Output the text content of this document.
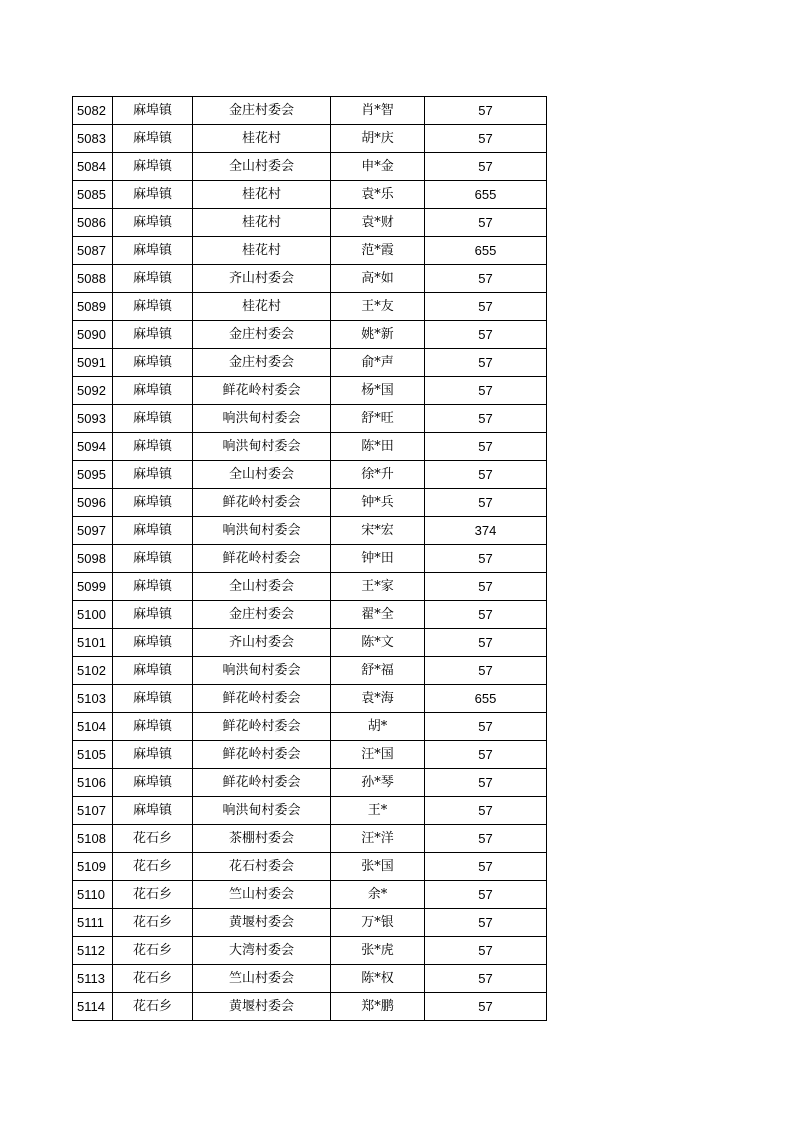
5082	麻埠镇	金庄村委会	肖*智	57
5083	麻埠镇	桂花村	胡*庆	57
5084	麻埠镇	全山村委会	申*金	57
5085	麻埠镇	桂花村	袁*乐	655
5086	麻埠镇	桂花村	袁*财	57
5087	麻埠镇	桂花村	范*霞	655
5088	麻埠镇	齐山村委会	高*如	57
5089	麻埠镇	桂花村	王*友	57
5090	麻埠镇	金庄村委会	姚*新	57
5091	麻埠镇	金庄村委会	俞*声	57
5092	麻埠镇	鲜花岭村委会	杨*国	57
5093	麻埠镇	响洪甸村委会	舒*旺	57
5094	麻埠镇	响洪甸村委会	陈*田	57
5095	麻埠镇	全山村委会	徐*升	57
5096	麻埠镇	鲜花岭村委会	钟*兵	57
5097	麻埠镇	响洪甸村委会	宋*宏	374
5098	麻埠镇	鲜花岭村委会	钟*田	57
5099	麻埠镇	全山村委会	王*家	57
5100	麻埠镇	金庄村委会	翟*全	57
5101	麻埠镇	齐山村委会	陈*文	57
5102	麻埠镇	响洪甸村委会	舒*福	57
5103	麻埠镇	鲜花岭村委会	袁*海	655
5104	麻埠镇	鲜花岭村委会	胡*	57
5105	麻埠镇	鲜花岭村委会	汪*国	57
5106	麻埠镇	鲜花岭村委会	孙*琴	57
5107	麻埠镇	响洪甸村委会	王*	57
5108	花石乡	茶棚村委会	汪*洋	57
5109	花石乡	花石村委会	张*国	57
5110	花石乡	竺山村委会	余*	57
5111	花石乡	黄堰村委会	万*银	57
5112	花石乡	大湾村委会	张*虎	57
5113	花石乡	竺山村委会	陈*权	57
5114	花石乡	黄堰村委会	郑*鹏	57
